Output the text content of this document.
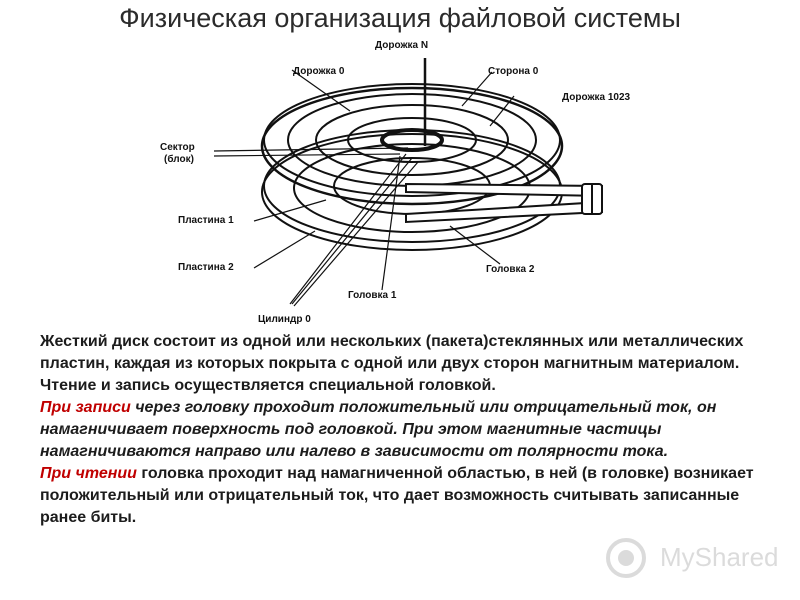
Физическая организация файловой системы
Дорожка N
Дорожка 0	Сторона 0
Дорожка 1023
Сектор
(блок)
Пластина 1
Пластина 2	Головка 2
Головка 1
Цилиндр 0

Жесткий диск состоит из одной или нескольких (пакета)стеклянных или металлических пластин, каждая из которых покрыта с одной или двух сторон магнитным материалом. Чтение и запись осуществляется специальной головкой.

При записи через головку проходит положительный или отрицательный ток, он намагничивает поверхность под головкой. При этом магнитные частицы намагничиваются направо или налево в зависимости от полярности тока.

При чтении головка проходит над намагниченной областью, в ней (в головке) возникает положительный или отрицательный ток, что дает возможность считывать записанные ранее биты.

MyShared
